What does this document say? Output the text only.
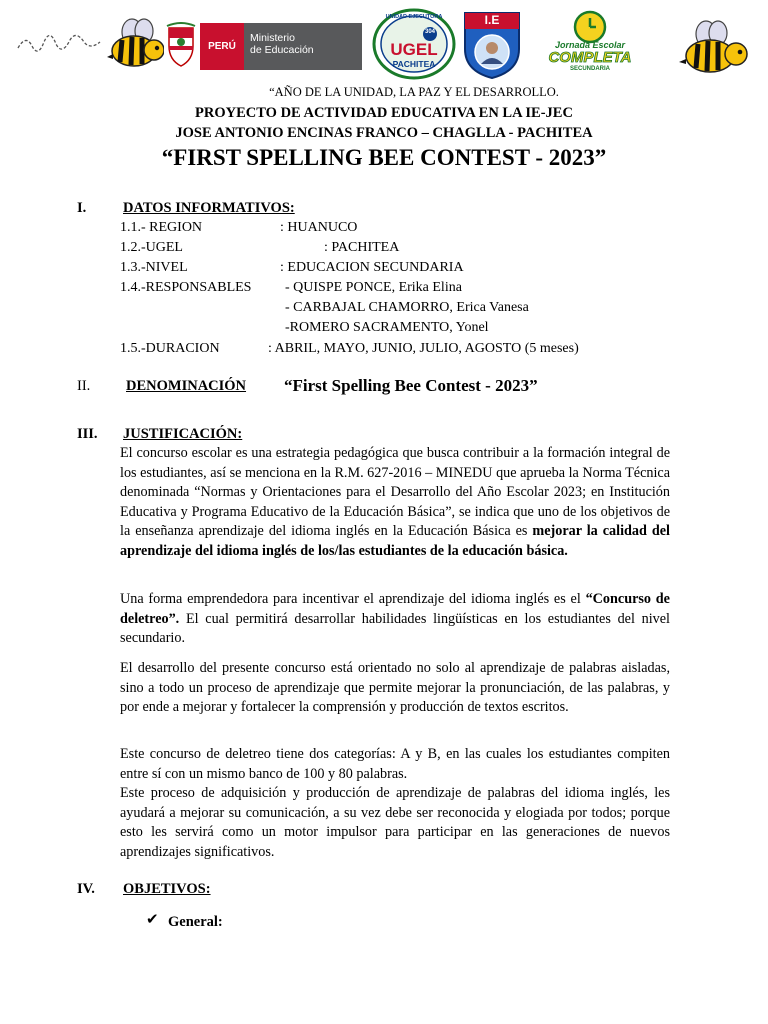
PERÚ
Ministerio
de Educación
UNIDAD EJECUTORA
304
UGEL
PACHITEA
I.E
Jornada Escolar
COMPLETA
SECUNDARIA
“AÑO DE LA UNIDAD, LA PAZ Y EL DESARROLLO.
PROYECTO DE ACTIVIDAD EDUCATIVA EN LA IE-JEC
JOSE ANTONIO ENCINAS FRANCO – CHAGLLA - PACHITEA
“FIRST SPELLING BEE CONTEST - 2023”
I.	DATOS INFORMATIVOS:
1.1.- REGION	: HUANUCO
1.2.-UGEL	: PACHITEA
1.3.-NIVEL	: EDUCACION SECUNDARIA
1.4.-RESPONSABLES - QUISPE PONCE, Erika Elina
- CARBAJAL CHAMORRO, Erica Vanesa
-ROMERO SACRAMENTO, Yonel
1.5.-DURACION	: ABRIL, MAYO, JUNIO, JULIO, AGOSTO (5 meses)
II. DENOMINACIÓN “First Spelling Bee Contest - 2023”
III. JUSTIFICACIÓN:
El concurso escolar es una estrategia pedagógica que busca contribuir a la formación integral de los estudiantes, así se menciona en la R.M. 627-2016 – MINEDU que aprueba la Norma Técnica denominada “Normas y Orientaciones para el Desarrollo del Año Escolar 2023; en Institución Educativa y Programa Educativo de la Educación Básica”, se indica que uno de los objetivos de la enseñanza aprendizaje del idioma inglés en la Educación Básica es mejorar la calidad del aprendizaje del idioma inglés de los/las estudiantes de la educación básica.
Una forma emprendedora para incentivar el aprendizaje del idioma inglés es el “Concurso de deletreo”. El cual permitirá desarrollar habilidades lingüísticas en los estudiantes del nivel secundario.
El desarrollo del presente concurso está orientado no solo al aprendizaje de palabras aisladas, sino a todo un proceso de aprendizaje que permite mejorar la pronunciación, de las palabras, y por ende a mejorar y fortalecer la comprensión y producción de textos escritos.
Este concurso de deletreo tiene dos categorías: A y B, en las cuales los estudiantes compiten entre sí con un mismo banco de 100 y 80 palabras.
Este proceso de adquisición y producción de aprendizaje de palabras del idioma inglés, les ayudará a mejorar su comunicación, a su vez debe ser reconocida y elogiada por todos; porque esto les servirá como un motor impulsor para participar en las generaciones de nuevos aprendizajes significativos.
IV. OBJETIVOS:
✔ General:
